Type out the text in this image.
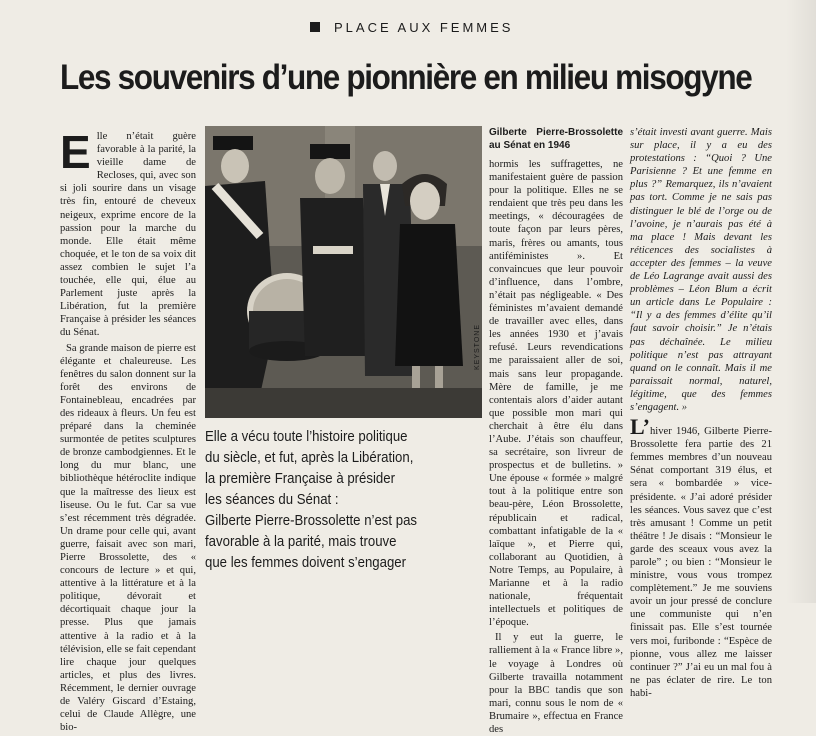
PLACE AUX FEMMES
Les souvenirs d’une pionnière en milieu misogyne
E lle n’était guère favorable à la parité, la vieille dame de Recloses, qui, avec son si joli sourire dans un visage très fin, entouré de cheveux neigeux, exprime encore de la passion pour la marche du monde. Elle était même choquée, et le ton de sa voix dit assez combien le sujet l’a touchée, elle qui, élue au Parlement juste après la Libération, fut la première Française à présider les séances du Sénat.

Sa grande maison de pierre est élégante et chaleureuse. Les fenêtres du salon donnent sur la forêt des environs de Fontainebleau, encadrées par des rideaux à fleurs. Un feu est préparé dans la cheminée surmontée de petites sculptures de bronze cambodgiennes. Et le long du mur blanc, une bibliothèque hétéroclite indique que la maîtresse des lieux est liseuse. Ou le fut. Car sa vue s’est récemment très dégradée. Un drame pour celle qui, avant guerre, faisait avec son mari, Pierre Brossolette, des « concours de lecture » et qui, attentive à la littérature et à la politique, dévorait et décortiquait chaque jour la presse. Plus que jamais attentive à la radio et à la télévision, elle se fait cependant lire chaque jour quelques articles, et plus des livres. Récemment, le dernier ouvrage de Valéry Giscard d’Estaing, celui de Claude Allègre, une bio-

KEYSTONE
Elle a vécu toute l’histoire politique
du siècle, et fut, après la Libération,
la première Française à présider
les séances du Sénat :
Gilberte Pierre-Brossolette n’est pas
favorable à la parité, mais trouve
que les femmes doivent s’engager
Gilberte Pierre-Brossolette au Sénat en 1946

hormis les suffragettes, ne manifestaient guère de passion pour la politique. Elles ne se rendaient que très peu dans les meetings, « découragées de toute façon par leurs pères, maris, frères ou amants, tous antiféministes ». Et convaincues que leur pouvoir d’influence, dans l’ombre, n’était pas négligeable. « Des féministes m’avaient demandé de travailler avec elles, dans les années 1930 et j’avais refusé. Leurs revendications me paraissaient aller de soi, mais sans leur propagande. Mère de famille, je me contentais alors d’aider autant que possible mon mari qui cherchait à être élu dans l’Aube. J’étais son chauffeur, sa secrétaire, son livreur de prospectus et de bulletins. » Une épouse « formée » malgré tout à la politique entre son beau-père, Léon Brossolette, républicain et radical, combattant infatigable de la « laïque », et Pierre qui, collaborant au Quotidien, à Notre Temps, au Populaire, à Marianne et à la radio nationale, fréquentait intellectuels et politiques de l’époque.

Il y eut la guerre, le ralliement à la « France libre », le voyage à Londres où Gilberte travailla notamment pour la BBC tandis que son mari, connu sous le nom de « Brumaire », effectua en France des

s’était investi avant guerre. Mais sur place, il y a eu des protestations : “Quoi ? Une Parisienne ? Et une femme en plus ?” Remarquez, ils n’avaient pas tort. Comme je ne sais pas distinguer le blé de l’orge ou de l’avoine, je n’aurais pas été à ma place ! Mais devant les réticences des socialistes à accepter des femmes – la veuve de Léo Lagrange avait aussi des problèmes – Léon Blum a écrit un article dans Le Populaire : “Il y a des femmes d’élite qu’il faut savoir choisir.” Je n’étais pas déchaînée. Le milieu politique n’est pas attrayant quand on le connaît. Mais il me paraissait normal, naturel, légitime, que des femmes s’engagent. »

L’hiver 1946, Gilberte Pierre-Brossolette fera partie des 21 femmes membres d’un nouveau Sénat comportant 319 élus, et sera « bombardée » vice-présidente. « J’ai adoré présider les séances. Vous savez que c’est très amusant ! Comme un petit théâtre ! Je disais : “Monsieur le garde des sceaux vous avez la parole” ; ou bien : “Monsieur le ministre, vous vous trompez complètement.” Je me souviens avoir un jour pressé de conclure une communiste qui n’en finissait pas. Elle s’est tournée vers moi, furibonde : “Espèce de pionne, vous allez me laisser continuer ?” J’ai eu un mal fou à ne pas éclater de rire. Le ton habi-
